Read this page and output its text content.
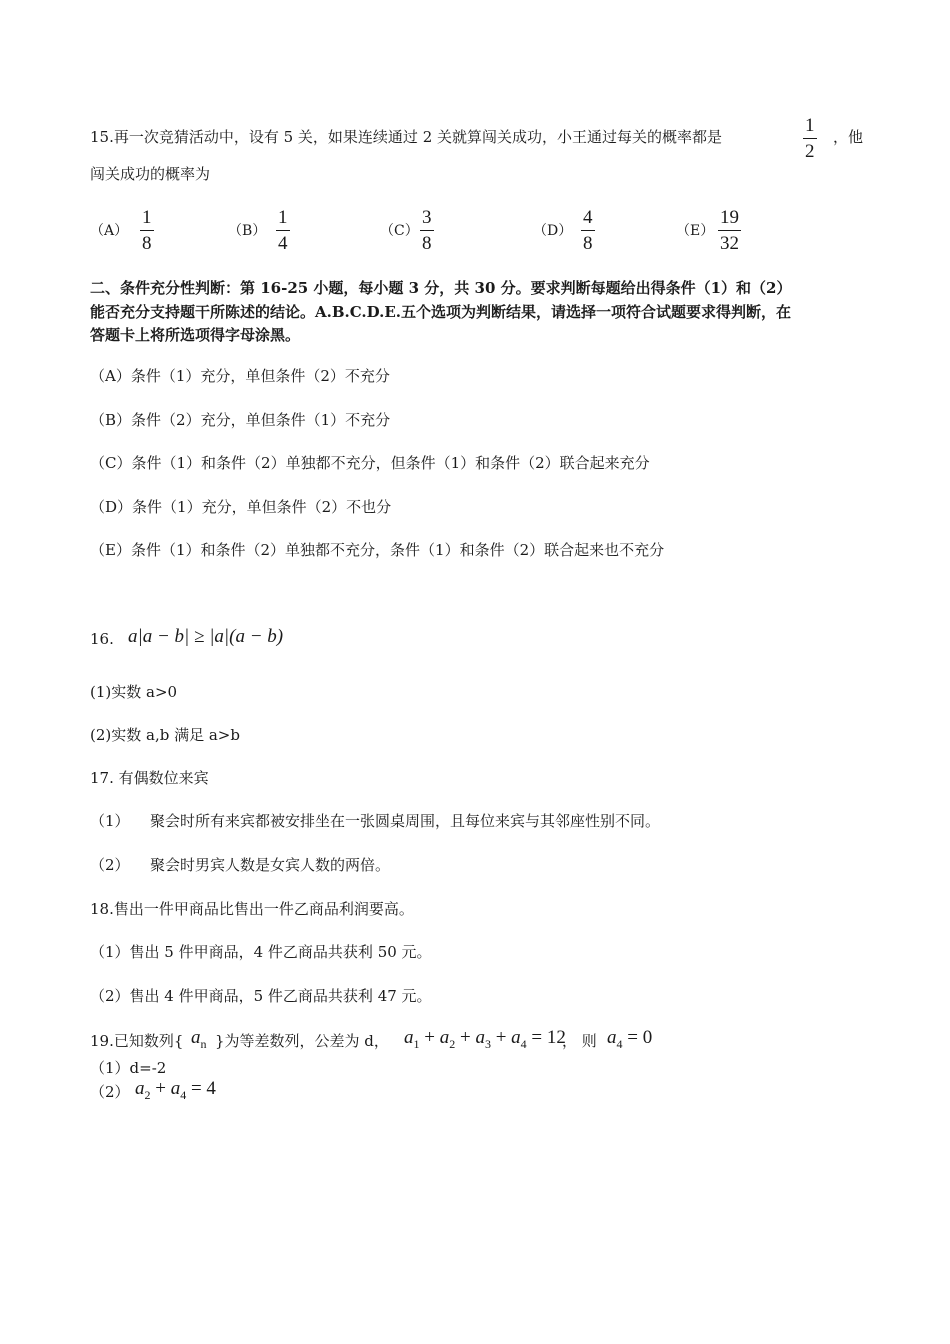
15.再一次竞猜活动中，设有 5 关，如果连续通过 2 关就算闯关成功，小王通过每关的概率都是	$\frac{1}{2}$ ，他
闯关成功的概率为
$(A) \frac{1}{8}$	$(B) \frac{1}{4}$	$(C) \frac{3}{8}$	$(D) \frac{4}{8}$	$(E) \frac{19}{32}$
二、条件充分性判断：第 16-25 小题，每小题 3 分，共 30 分。要求判断每题给出得条件（1）和（2）
能否充分支持题干所陈述的结论。A.B.C.D.E.五个选项为判断结果，请选择一项符合试题要求得判断，在
答题卡上将所选项得字母涂黑。
（A）条件（1）充分，单但条件（2）不充分
（B）条件（2）充分，单但条件（1）不充分
（C）条件（1）和条件（2）单独都不充分，但条件（1）和条件（2）联合起来充分
（D）条件（1）充分，单但条件（2）不也分
（E）条件（1）和条件（2）单独都不充分，条件（1）和条件（2）联合起来也不充分
16. a|a − b| ≥ |a|(a − b)
(1)实数 a>0
(2)实数 a,b 满足 a>b
17. 有偶数位来宾
（1） 聚会时所有来宾都被安排坐在一张圆桌周围，且每位来宾与其邻座性别不同。
（2） 聚会时男宾人数是女宾人数的两倍。
18.售出一件甲商品比售出一件乙商品利润要高。
（1）售出 5 件甲商品，4 件乙商品共获利 50 元。
（2）售出 4 件甲商品，5 件乙商品共获利 47 元。
19.已知数列{ $a_n$ }为等差数列，公差为 d， $a_1 + a_2 + a_3 + a_4 = 12$
， 则 $a_4 = 0$
（1）d=-2
（2） $a_2 + a_4 = 4$
